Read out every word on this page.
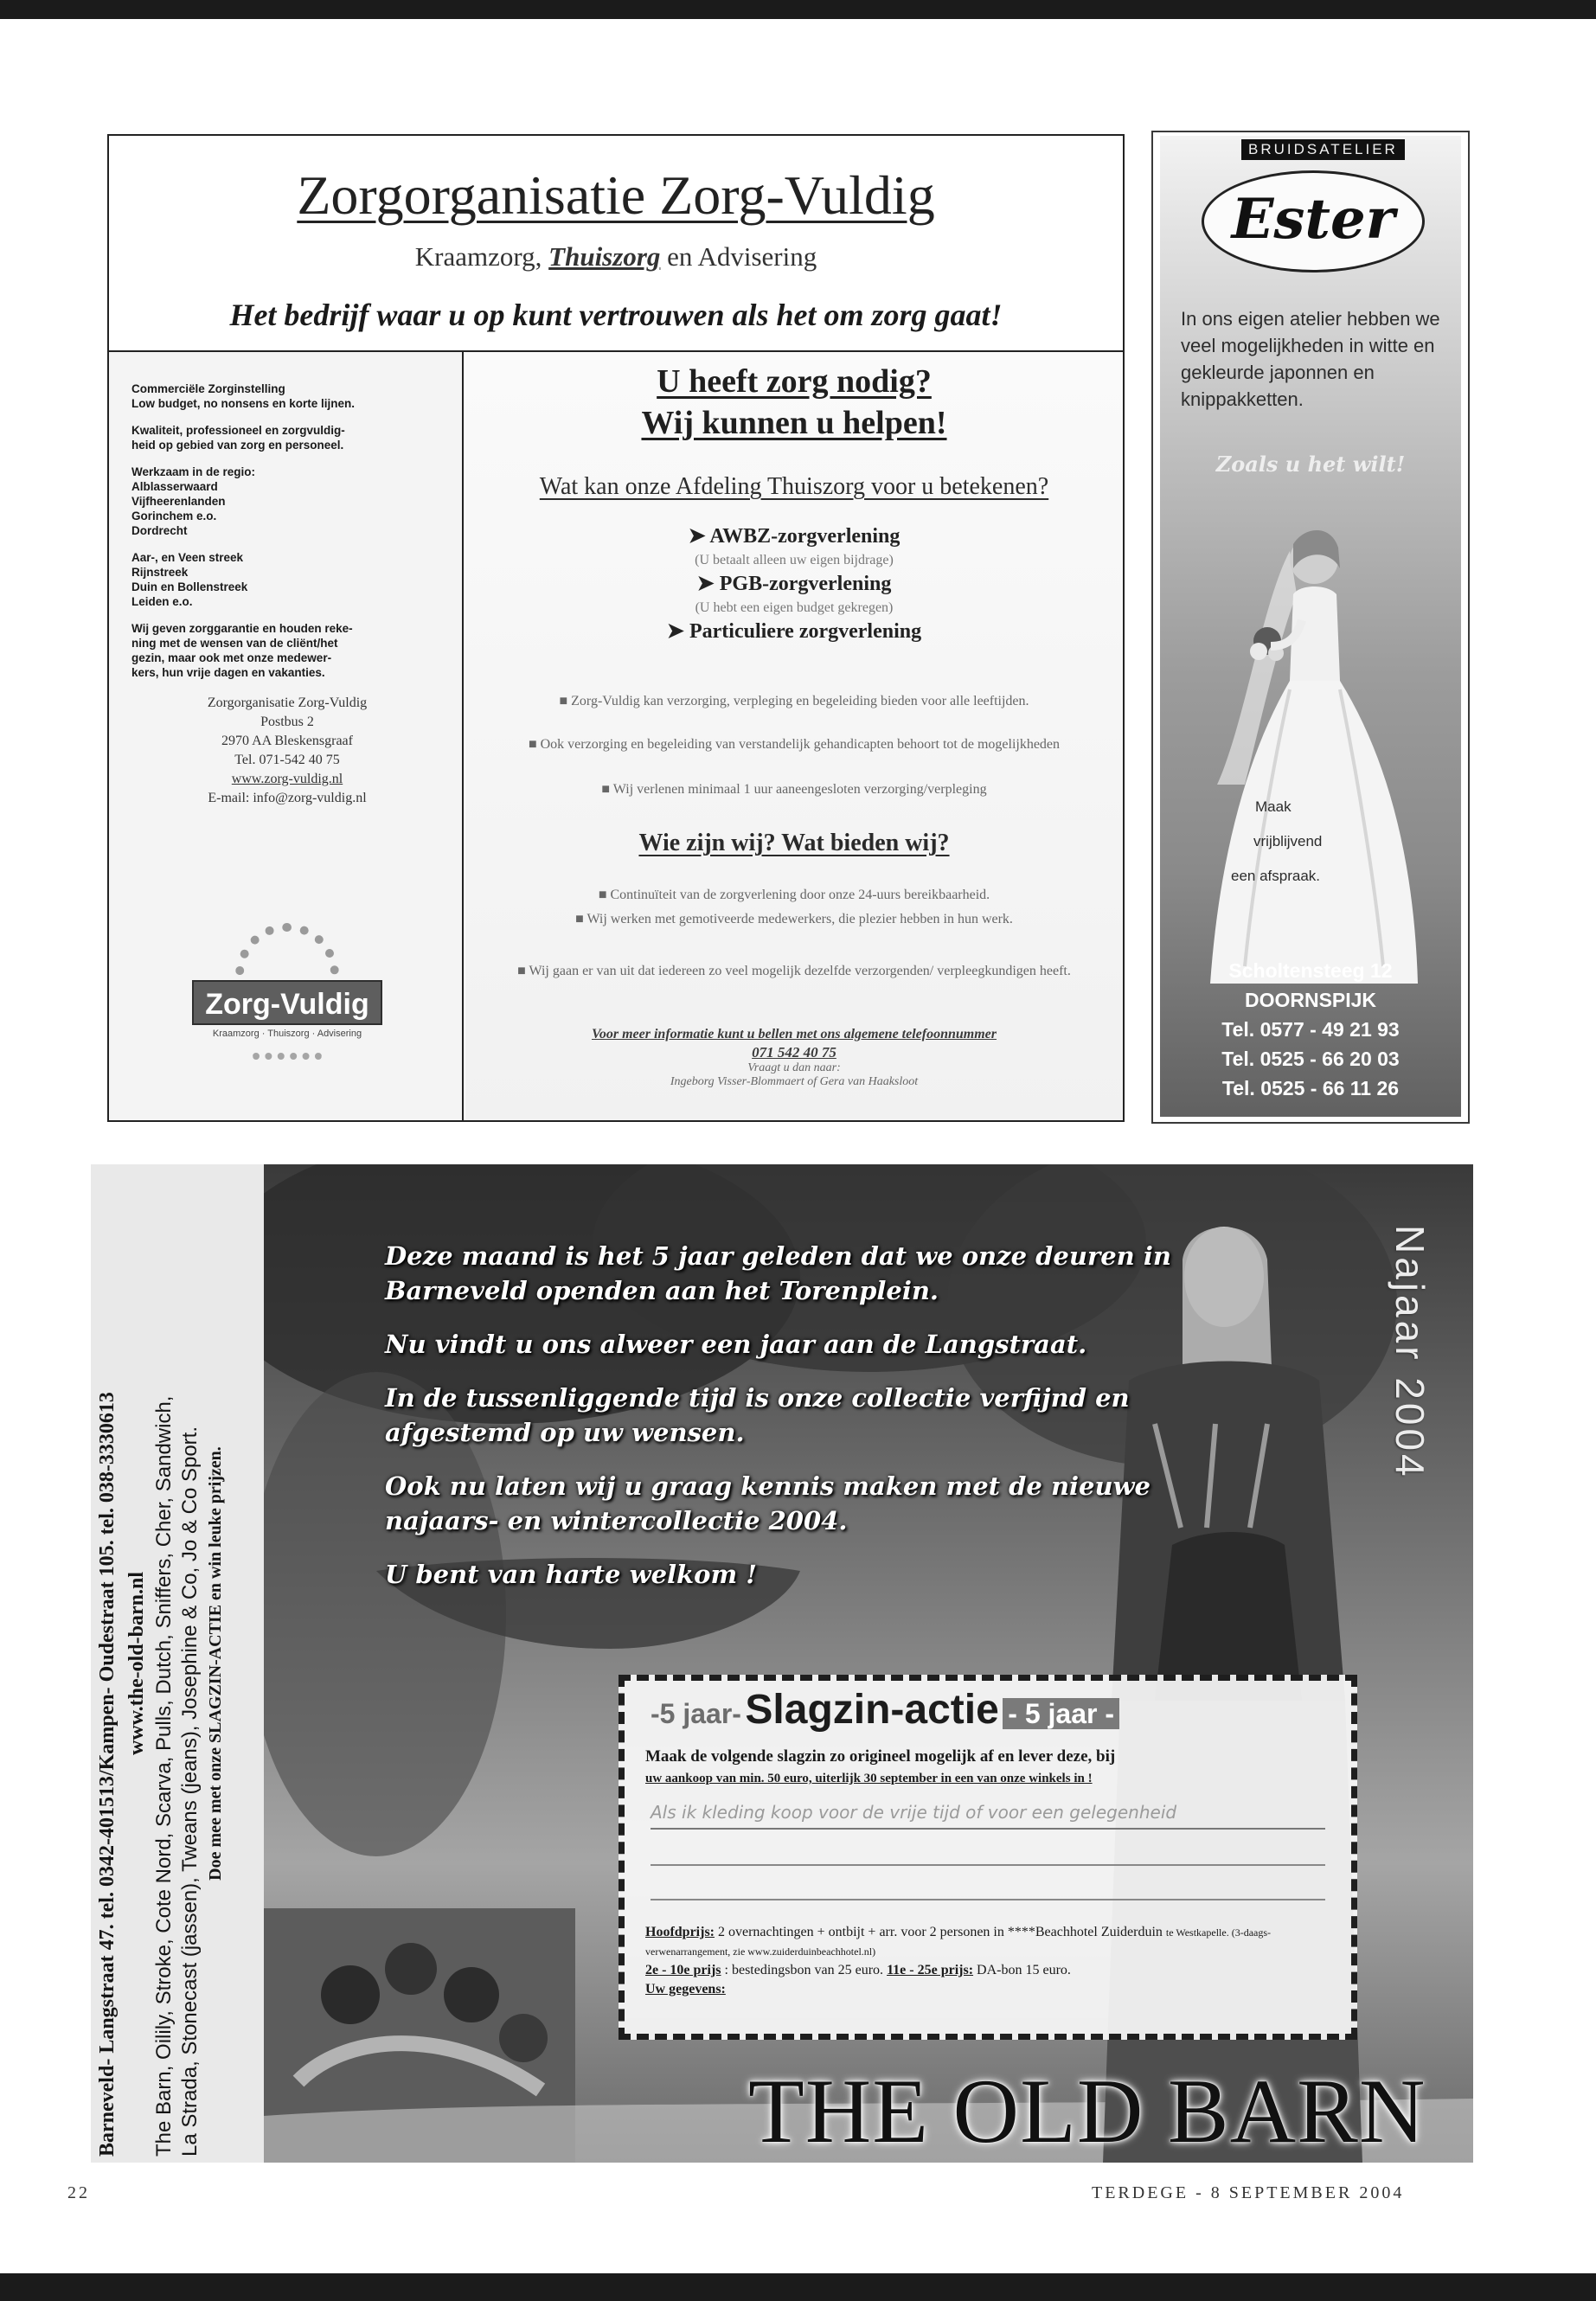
Zorgorganisatie Zorg-Vuldig
Kraamzorg, Thuiszorg en Advisering
Het bedrijf waar u op kunt vertrouwen als het om zorg gaat!

Commerciële Zorginstelling
Low budget, no nonsens en korte lijnen.

Kwaliteit, professioneel en zorgvuldig-
heid op gebied van zorg en personeel.

Werkzaam in de regio:
Alblasserwaard
Vijfheerenlanden
Gorinchem e.o.
Dordrecht

Aar-, en Veen streek
Rijnstreek
Duin en Bollenstreek
Leiden e.o.

Wij geven zorggarantie en houden reke-
ning met de wensen van de cliënt/het
gezin, maar ook met onze medewer-
kers, hun vrije dagen en vakanties.

Zorgorganisatie Zorg-Vuldig
Postbus 2
2970 AA Bleskensgraaf
Tel. 071-542 40 75
www.zorg-vuldig.nl
E-mail: info@zorg-vuldig.nl
Zorg-Vuldig
Kraamzorg · Thuiszorg · Advisering
U heeft zorg nodig?
Wij kunnen u helpen!
Wat kan onze Afdeling Thuiszorg voor u betekenen?
➤ AWBZ-zorgverlening
(U betaalt alleen uw eigen bijdrage)
➤ PGB-zorgverlening
(U hebt een eigen budget gekregen)
➤ Particuliere zorgverlening
■ Zorg-Vuldig kan verzorging, verpleging en begeleiding bieden voor alle leeftijden.
■ Ook verzorging en begeleiding van verstandelijk gehandicapten behoort tot de mogelijkheden
■ Wij verlenen minimaal 1 uur aaneengesloten verzorging/verpleging
Wie zijn wij? Wat bieden wij?
■ Continuïteit van de zorgverlening door onze 24-uurs bereikbaarheid.
■ Wij werken met gemotiveerde medewerkers, die plezier hebben in hun werk.
■ Wij gaan er van uit dat iedereen zo veel mogelijk dezelfde verzorgenden/ verpleegkundigen heeft.
Voor meer informatie kunt u bellen met ons algemene telefoonnummer
071 542 40 75
Vraagt u dan naar:
Ingeborg Visser-Blommaert of Gera van Haaksloot
BRUIDSATELIER
Ester
In ons eigen atelier hebben we veel mogelijkheden in witte en gekleurde japonnen en knippakketten.
Zoals u het wilt!
Maak
vrijblijvend
een afspraak.
Scholtensteeg 12
DOORNSPIJK
Tel. 0577 - 49 21 93
Tel. 0525 - 66 20 03
Tel. 0525 - 66 11 26
Barneveld- Langstraat 47. tel. 0342-401513/Kampen- Oudestraat 105. tel. 038-3330613 www.the-old-barn.nl The Barn, Oilily, Stroke, Cote Nord, Scarva, Pulls, Dutch, Sniffers, Cher, Sandwich, La Strada, Stonecast (jassen), Tweans (jeans), Josephine & Co, Jo & Co Sport. Doe mee met onze SLAGZIN-ACTIE en win leuke prijzen.

Deze maand is het 5 jaar geleden dat we onze deuren in Barneveld openden aan het Torenplein.

Nu vindt u ons alweer een jaar aan de Langstraat.

In de tussenliggende tijd is onze collectie verfijnd en afgestemd op uw wensen.

Ook nu laten wij u graag kennis maken met de nieuwe najaars- en wintercollectie 2004.

U bent van harte welkom !

Najaar 2004
-5 jaar- Slagzin-actie - 5 jaar -
Maak de volgende slagzin zo origineel mogelijk af en lever deze, bij
uw aankoop van min. 50 euro, uiterlijk 30 september in een van onze winkels in !
Als ik kleding koop voor de vrije tijd of voor een gelegenheid
Hoofdprijs: 2 overnachtingen + ontbijt + arr. voor 2 personen in ****Beachhotel Zuiderduin te Westkapelle. (3-daags-verwenarrangement, zie www.zuiderduinbeachhotel.nl)
2e - 10e prijs : bestedingsbon van 25 euro. 11e - 25e prijs: DA-bon 15 euro.
Uw gegevens:
THE OLD BARN
22	TERDEGE - 8 SEPTEMBER 2004
